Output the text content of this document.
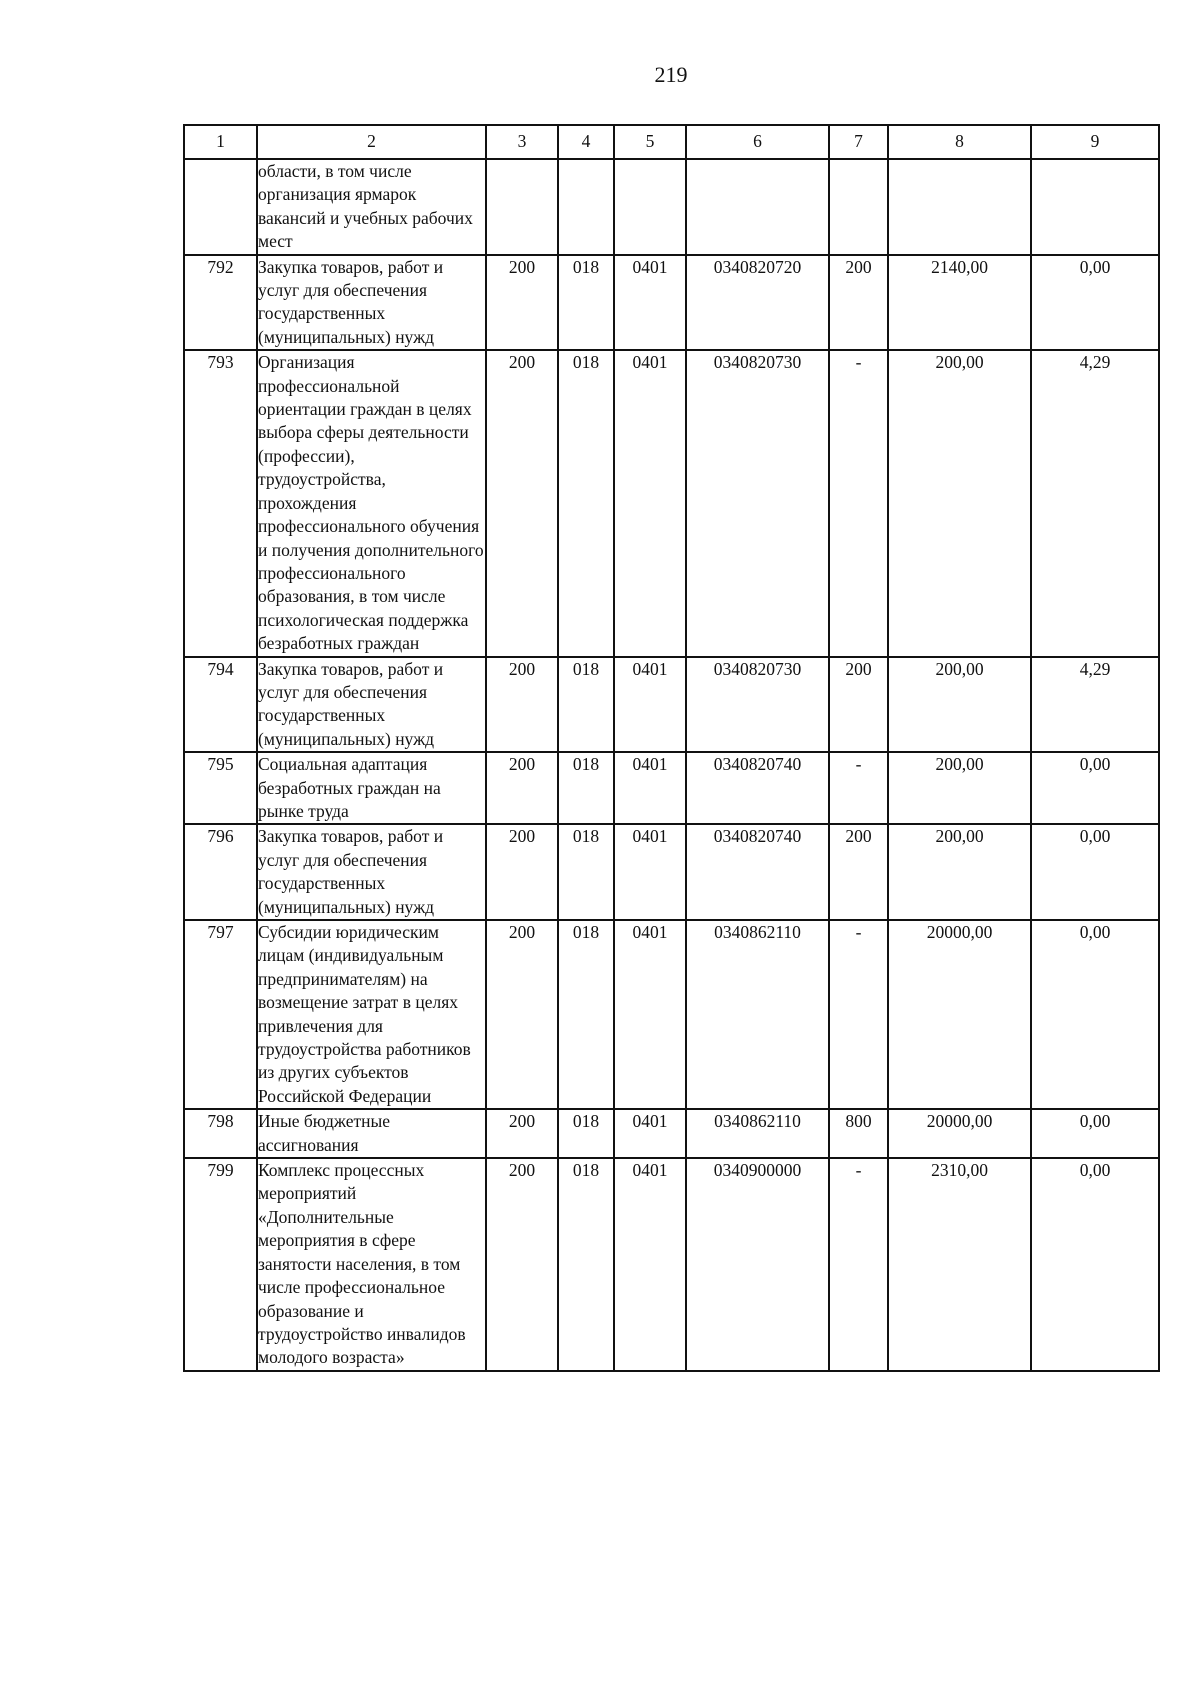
219
1	2	3	4	5	6	7	8	9
	области, в том числе организация ярмарок вакансий и учебных рабочих мест							
792	Закупка товаров, работ и услуг для обеспечения государственных (муниципальных) нужд	200	018	0401	0340820720	200	2140,00	0,00
793	Организация профессиональной ориентации граждан в целях выбора сферы деятельности (профессии), трудоустройства, прохождения профессионального обучения и получения дополнительного профессионального образования, в том числе психологическая поддержка безработных граждан	200	018	0401	0340820730	-	200,00	4,29
794	Закупка товаров, работ и услуг для обеспечения государственных (муниципальных) нужд	200	018	0401	0340820730	200	200,00	4,29
795	Социальная адаптация безработных граждан на рынке труда	200	018	0401	0340820740	-	200,00	0,00
796	Закупка товаров, работ и услуг для обеспечения государственных (муниципальных) нужд	200	018	0401	0340820740	200	200,00	0,00
797	Субсидии юридическим лицам (индивидуальным предпринимателям) на возмещение затрат в целях привлечения для трудоустройства работников из других субъектов Российской Федерации	200	018	0401	0340862110	-	20000,00	0,00
798	Иные бюджетные ассигнования	200	018	0401	0340862110	800	20000,00	0,00
799	Комплекс процессных мероприятий «Дополнительные мероприятия в сфере занятости населения, в том числе профессиональное образование и трудоустройство инвалидов молодого возраста»	200	018	0401	0340900000	-	2310,00	0,00
